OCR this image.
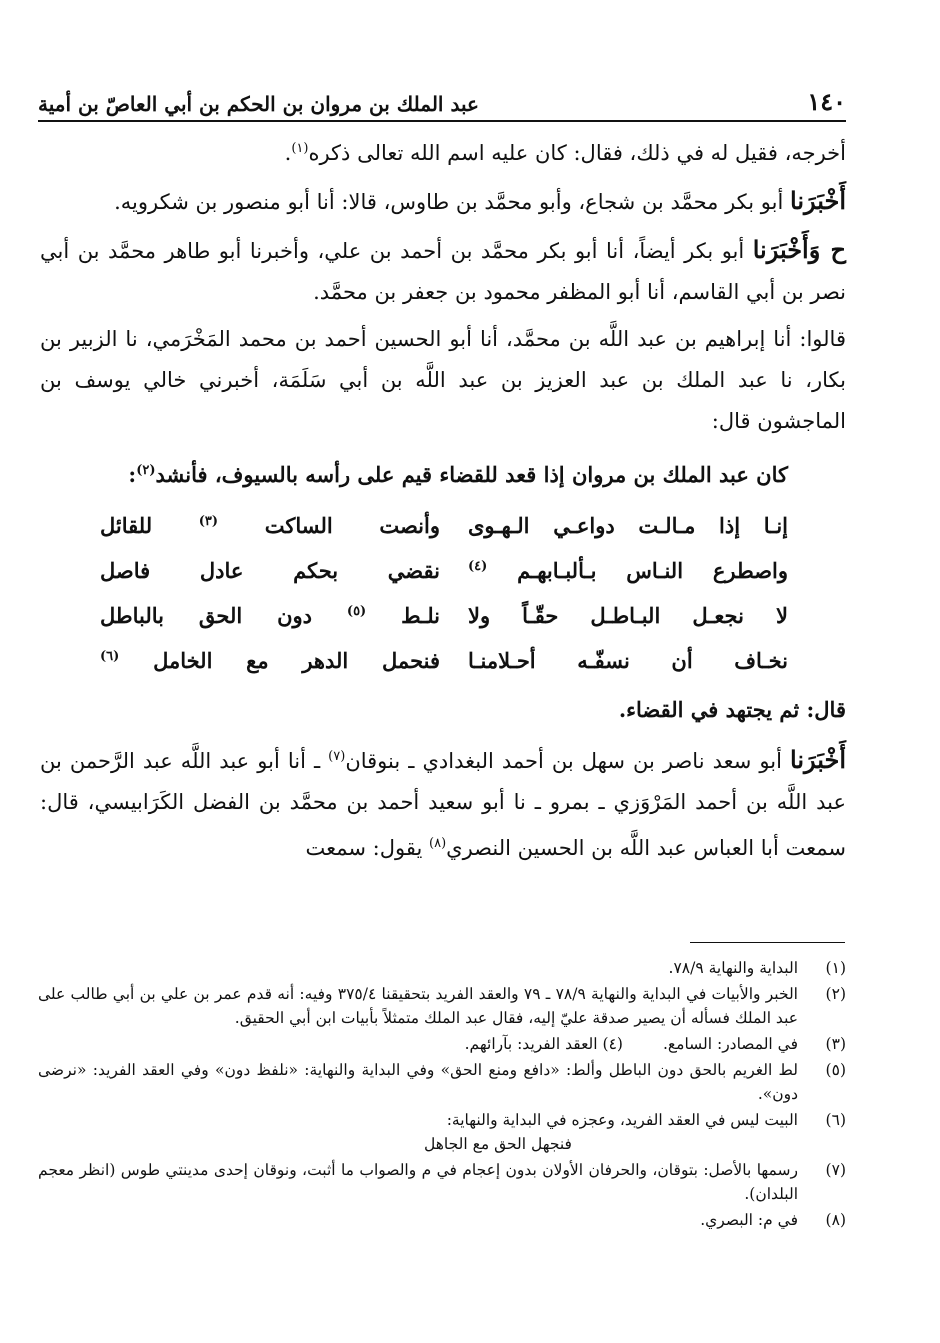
١٤٠
عبد الملك بن مروان بن الحكم بن أبي العاصّ بن أمية

أخرجه، فقيل له في ذلك، فقال: كان عليه اسم الله تعالى ذكره$^{(١)}$.

أَخْبَرَنا أبو بكر محمَّد بن شجاع، وأبو محمَّد بن طاوس، قالا: أنا أبو منصور بن شكرويه.

ح وَأَخْبَرَنا أبو بكر أيضاً، أنا أبو بكر محمَّد بن أحمد بن علي، وأخبرنا أبو طاهر محمَّد بن أبي نصر بن أبي القاسم، أنا أبو المظفر محمود بن جعفر بن محمَّد.

قالوا: أنا إبراهيم بن عبد اللَّه بن محمَّد، أنا أبو الحسين أحمد بن محمد المَخْرَمي، نا الزبير بن بكار، نا عبد الملك بن عبد العزيز بن عبد اللَّه بن أبي سَلَمَة، أخبرني خالي يوسف بن الماجشون قال:

كان عبد الملك بن مروان إذا قعد للقضاء قيم على رأسه بالسيوف، فأنشد$^{(٢)}$:
إنـا إذا مـالـت دواعـي الـهـوى
وأنصت الساكت $^{(٣)}$ للقائل
واصطرع النـاس بـألبـابهـم $^{(٤)}$
نقضي بحكم عادل فاصل
لا نجعـل البـاطـل حقّـاً ولا
نلـط $^{(٥)}$ دون الحق بالباطل
نخـاف أن نسفّـه أحـلامنـا
فنحمل الدهر مع الخامل $^{(٦)}$

قال: ثم يجتهد في القضاء.

أَخْبَرَنا أبو سعد ناصر بن سهل بن أحمد البغدادي ـ بنوقان$^{(٧)}$ ـ أنا أبو عبد اللَّه عبد الرَّحمن بن عبد اللَّه بن أحمد المَرْوَزي ـ بمرو ـ نا أبو سعيد أحمد بن محمَّد بن الفضل الكَرَابيسي، قال: سمعت أبا العباس عبد اللَّه بن الحسين النصري$^{(٨)}$ يقول: سمعت

(١)
البداية والنهاية ٧٨/٩.
(٢)
الخبر والأبيات في البداية والنهاية ٧٨/٩ ـ ٧٩ والعقد الفريد بتحقيقنا ٣٧٥/٤ وفيه: أنه قدم عمر بن علي بن أبي طالب على عبد الملك فسأله أن يصير صدقة عليّ إليه، فقال عبد الملك متمثلاً بأبيات ابن أبي الحقيق.
(٣)
في المصادر: السامع.
(٤) العقد الفريد: بآرائهم.
(٥)
لط الغريم بالحق دون الباطل وألط: «دافع ومنع الحق» وفي البداية والنهاية: «نلفظ دون» وفي العقد الفريد: «نرضى دون».
(٦)
البيت ليس في العقد الفريد، وعجزه في البداية والنهاية:
فنجهل الحق مع الجاهل
(٧)
رسمها بالأصل: بتوقان، والحرفان الأولان بدون إعجام في م والصواب ما أثبت، ونوقان إحدى مدينتي طوس (انظر معجم البلدان).
(٨)
في م: البصري.
